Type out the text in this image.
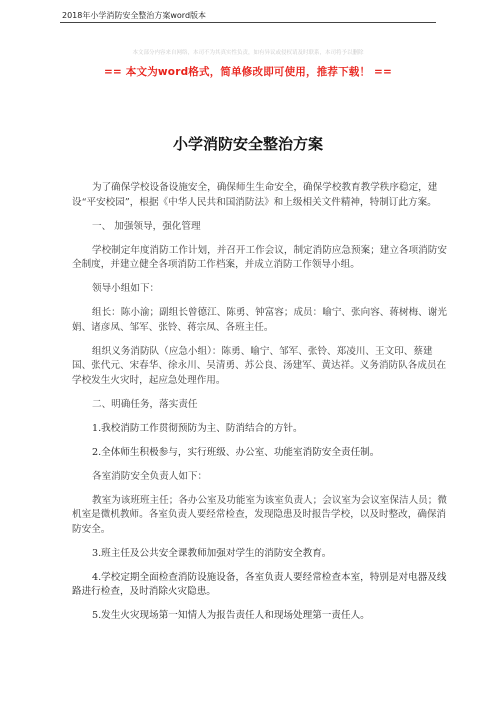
2018年小学消防安全整治方案word版本
本文部分内容来自网络，本司不为其真实性负责，如有异议或侵权请及时联系，本司将予以删除
== 本文为word格式，简单修改即可使用，推荐下载！ ==
小学消防安全整治方案

为了确保学校设备设施安全，确保师生生命安全，确保学校教育教学秩序稳定，建设“平安校园”，根据《中华人民共和国消防法》和上级相关文件精神，特制订此方案。

一、 加强领导，强化管理

学校制定年度消防工作计划，并召开工作会议，制定消防应急预案；建立各项消防安全制度，并建立健全各项消防工作档案，并成立消防工作领导小组。

领导小组如下：

组长：陈小渝；副组长曾德江、陈勇、钟富容；成员：喻宁、张向容、蒋树梅、谢光娟、诸彦凤、邹军、张铃、蒋宗凤、各班主任。

组织义务消防队（应急小组）：陈勇、喻宁、邹军、张铃、郑凌川、王文印、蔡建国、张代元、宋春华、徐永川、吴清勇、苏公良、汤建军、黄达祥。义务消防队各成员在学校发生火灾时，起应急处理作用。

二、明确任务，落实责任

1.我校消防工作贯彻预防为主、防消结合的方针。

2.全体师生积极参与，实行班级、办公室、功能室消防安全责任制。

各室消防安全负责人如下：

教室为该班班主任；各办公室及功能室为该室负责人；会议室为会议室保洁人员；微机室是微机教师。各室负责人要经常检查，发现隐患及时报告学校，以及时整改，确保消防安全。

3.班主任及公共安全课教师加强对学生的消防安全教育。

4.学校定期全面检查消防设施设备，各室负责人要经常检查本室，特别是对电器及线路进行检查，及时消除火灾隐患。

5.发生火灾现场第一知情人为报告责任人和现场处理第一责任人。
